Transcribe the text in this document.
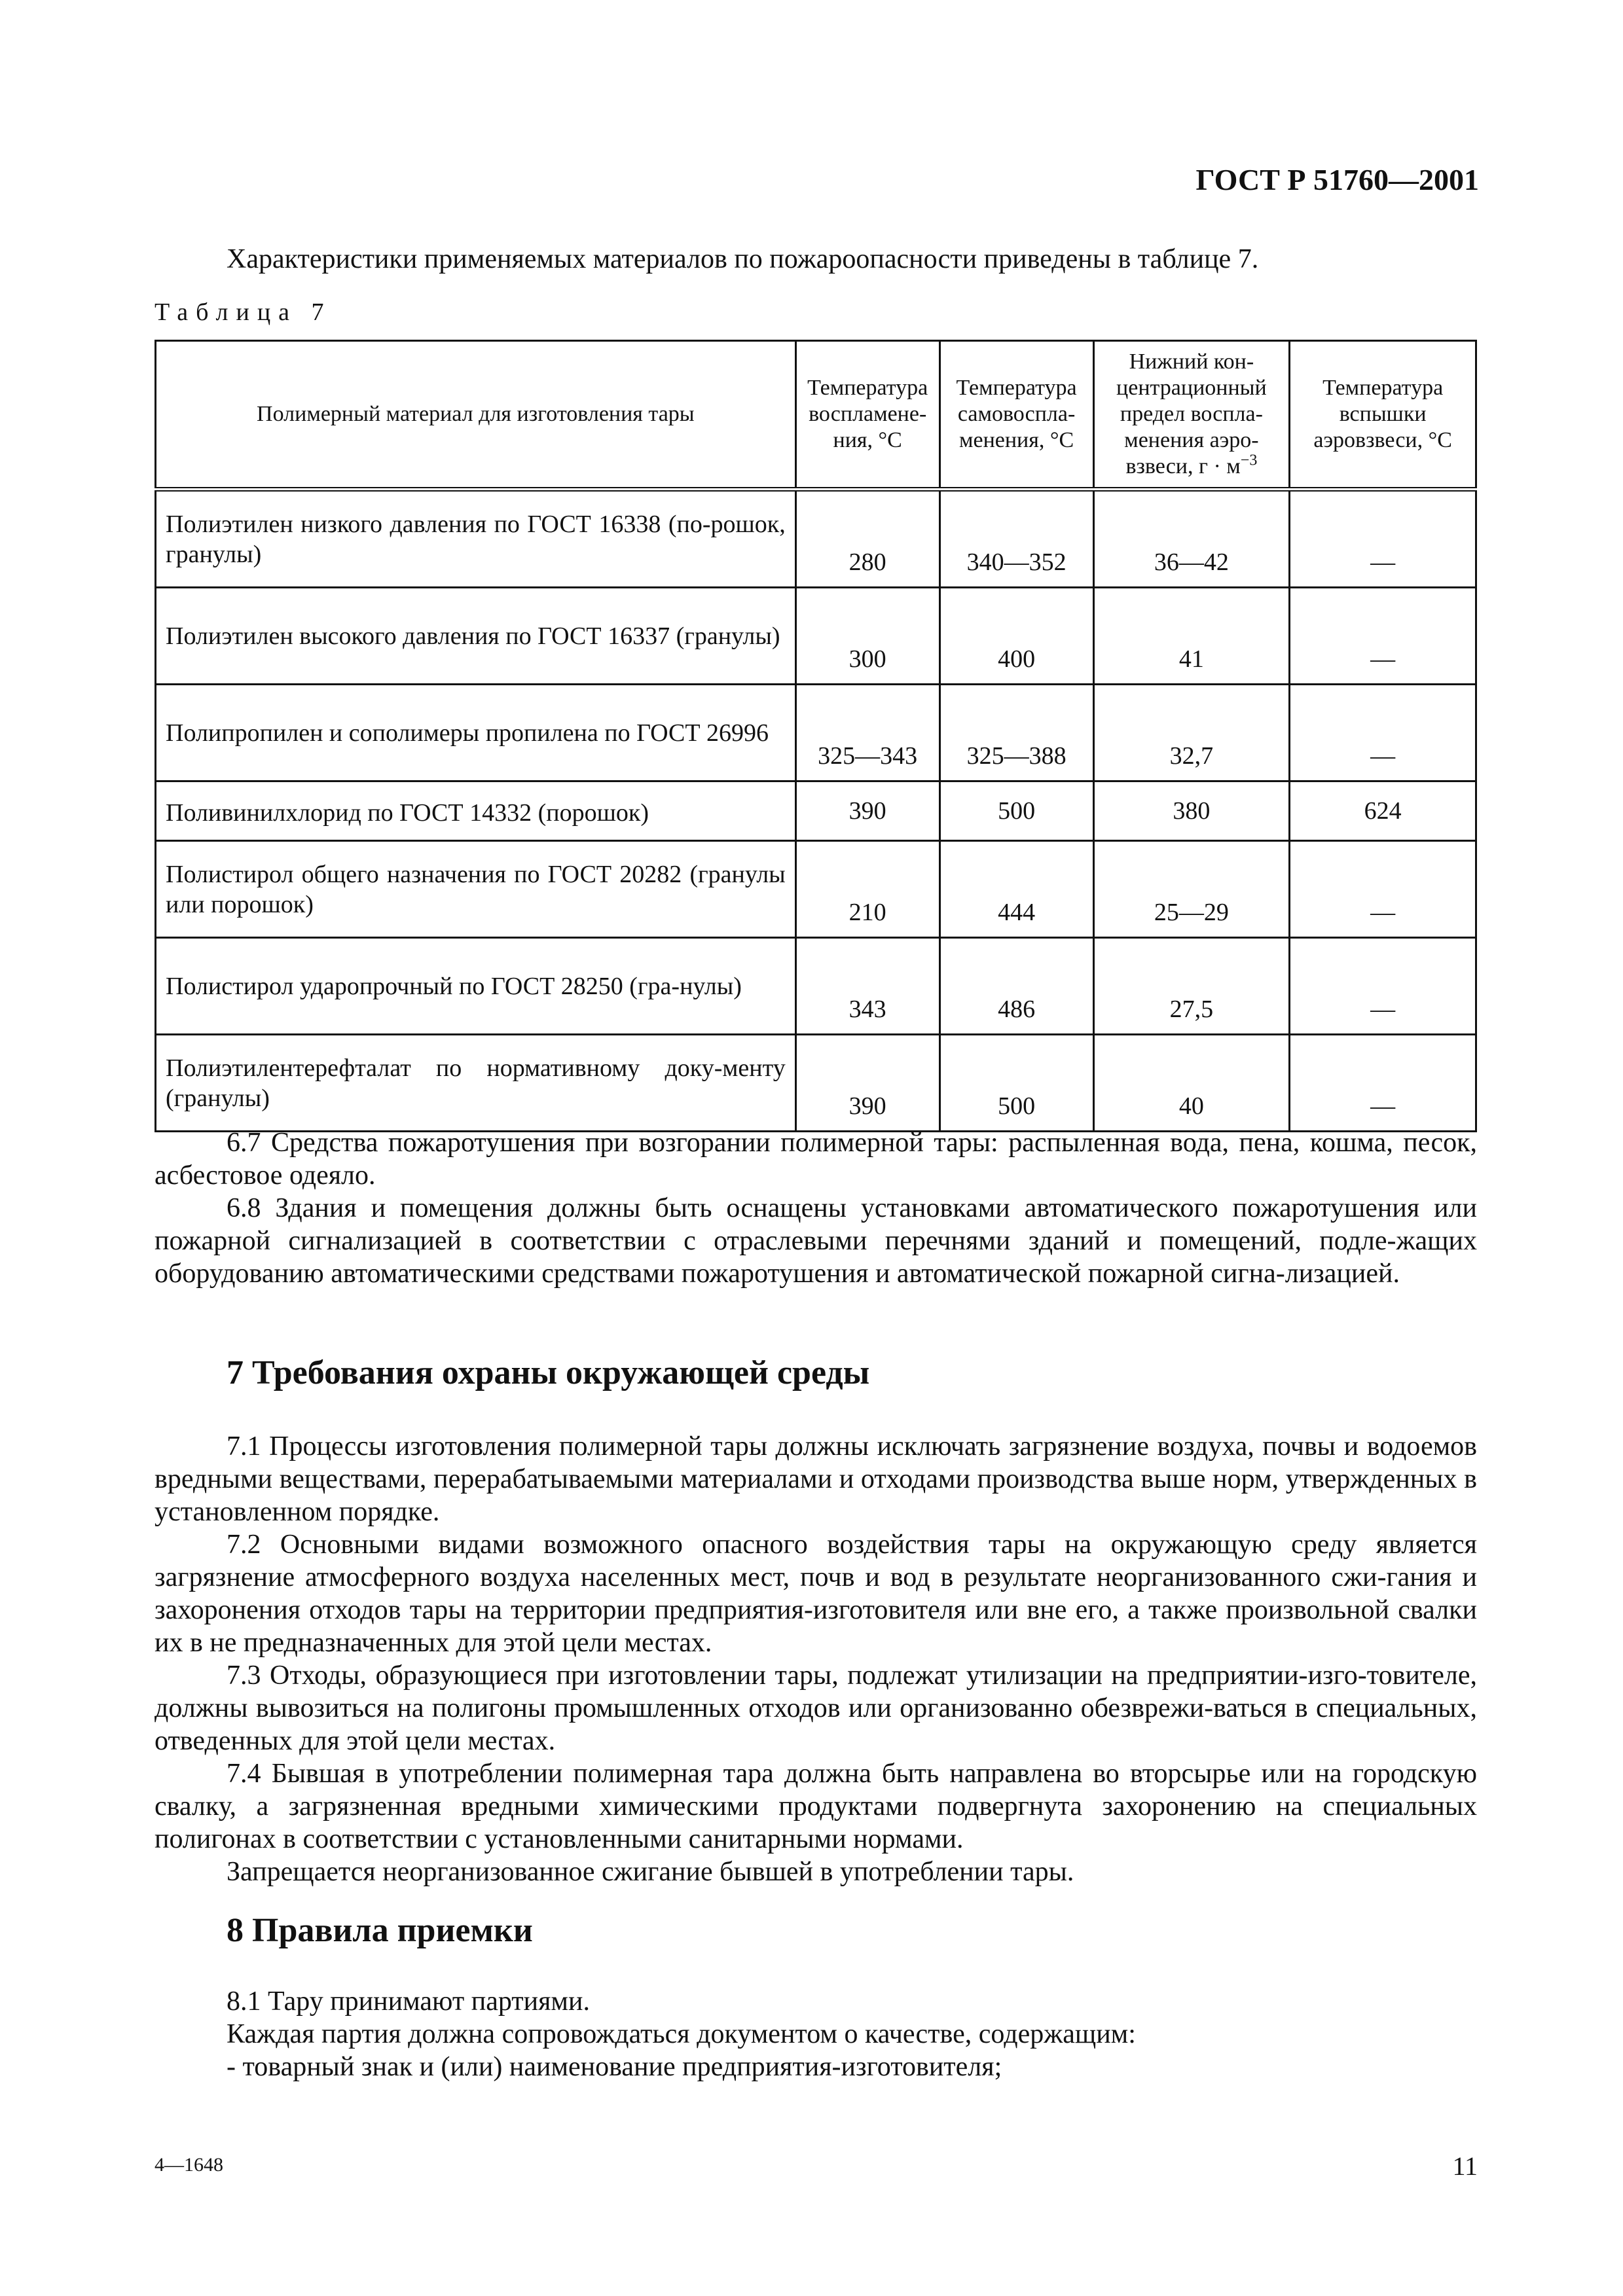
ГОСТ Р 51760—2001
Характеристики применяемых материалов по пожароопасности приведены в таблице 7.
Таблица 7
Полимерный материал для изготовления тары	Температура воспламене-ния, °С	Температура самовоспла-менения, °С	Нижний кон-центрационный предел воспла-менения аэро-взвеси, $г \cdot м^{-3}$	Температура вспышки аэровзвеси, °С
Полиэтилен низкого давления по ГОСТ 16338 (по-рошок, гранулы)	280	340—352	36—42	—
Полиэтилен высокого давления по ГОСТ 16337 (гранулы)	300	400	41	—
Полипропилен и сополимеры пропилена по ГОСТ 26996	325—343	325—388	32,7	—
Поливинилхлорид по ГОСТ 14332 (порошок)	390	500	380	624
Полистирол общего назначения по ГОСТ 20282 (гранулы или порошок)	210	444	25—29	—
Полистирол ударопрочный по ГОСТ 28250 (гра-нулы)	343	486	27,5	—
Полиэтилентерефталат по нормативному доку-менту (гранулы)	390	500	40	—

6.7 Средства пожаротушения при возгорании полимерной тары: распыленная вода, пена, кошма, песок, асбестовое одеяло.

6.8 Здания и помещения должны быть оснащены установками автоматического пожаротушения или пожарной сигнализацией в соответствии с отраслевыми перечнями зданий и помещений, подле-жащих оборудованию автоматическими средствами пожаротушения и автоматической пожарной сигна-лизацией.

7 Требования охраны окружающей среды

7.1 Процессы изготовления полимерной тары должны исключать загрязнение воздуха, почвы и водоемов вредными веществами, перерабатываемыми материалами и отходами производства выше норм, утвержденных в установленном порядке.

7.2 Основными видами возможного опасного воздействия тары на окружающую среду является загрязнение атмосферного воздуха населенных мест, почв и вод в результате неорганизованного сжи-гания и захоронения отходов тары на территории предприятия-изготовителя или вне его, а также произвольной свалки их в не предназначенных для этой цели местах.

7.3 Отходы, образующиеся при изготовлении тары, подлежат утилизации на предприятии-изго-товителе, должны вывозиться на полигоны промышленных отходов или организованно обезврежи-ваться в специальных, отведенных для этой цели местах.

7.4 Бывшая в употреблении полимерная тара должна быть направлена во вторсырье или на городскую свалку, а загрязненная вредными химическими продуктами подвергнута захоронению на специальных полигонах в соответствии с установленными санитарными нормами.

Запрещается неорганизованное сжигание бывшей в употреблении тары.

8 Правила приемки

8.1 Тару принимают партиями.

Каждая партия должна сопровождаться документом о качестве, содержащим:

- товарный знак и (или) наименование предприятия-изготовителя;

4—1648	11
